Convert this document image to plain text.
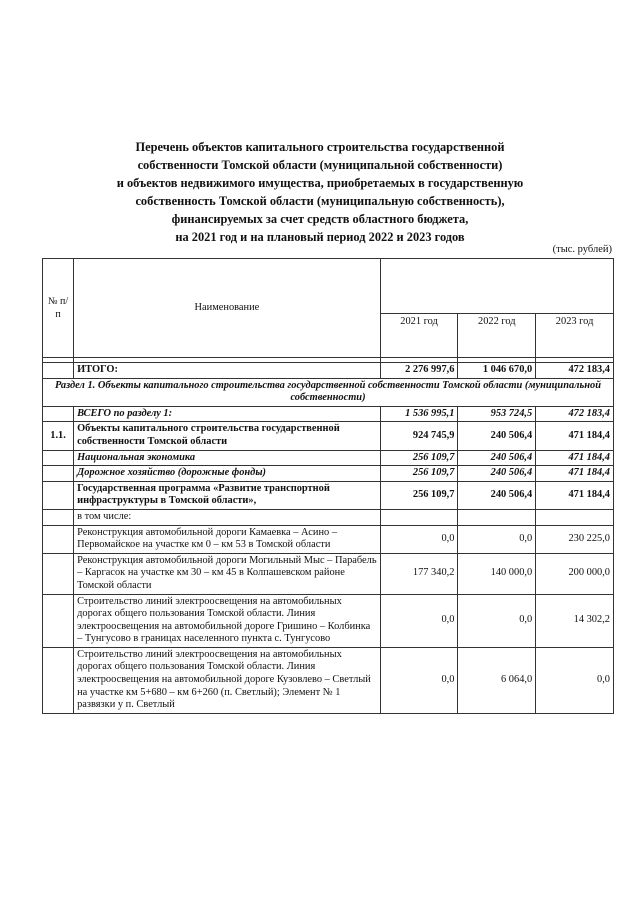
Перечень объектов капитального строительства государственной
собственности Томской области (муниципальной собственности)
и объектов недвижимого имущества, приобретаемых в государственную
собственность Томской области (муниципальную собственность),
финансируемых за счет средств областного бюджета,
на 2021 год и на плановый период 2022 и 2023 годов
(тыс. рублей)
№ п/п	Наименование			
		2021 год	2022 год	2023 год

	ИТОГО:	2 276 997,6	1 046 670,0	472 183,4
Раздел 1. Объекты капитального строительства государственной собственности Томской области (муниципальной собственности)				
	ВСЕГО по разделу 1:	1 536 995,1	953 724,5	472 183,4
1.1.	Объекты капитального строительства государственной собственности Томской области	924 745,9	240 506,4	471 184,4
	Национальная экономика	256 109,7	240 506,4	471 184,4
	Дорожное хозяйство (дорожные фонды)	256 109,7	240 506,4	471 184,4
	Государственная программа «Развитие транспортной инфраструктуры в Томской области»,	256 109,7	240 506,4	471 184,4
	в том числе:			
	Реконструкция автомобильной дороги Камаевка – Асино – Первомайское на участке км 0 – км 53 в Томской области	0,0	0,0	230 225,0
	Реконструкция автомобильной дороги Могильный Мыс – Парабель – Каргасок на участке км 30 – км 45 в Колпашевском районе Томской области	177 340,2	140 000,0	200 000,0
	Строительство линий электроосвещения на автомобильных дорогах общего пользования Томской области. Линия электроосвещения на автомобильной дороге Гришино – Колбинка – Тунгусово в границах населенного пункта с. Тунгусово	0,0	0,0	14 302,2
	Строительство линий электроосвещения на автомобильных дорогах общего пользования Томской области. Линия электроосвещения на автомобильной дороге Кузовлево – Светлый на участке км 5+680 – км 6+260 (п. Светлый); Элемент № 1 развязки у п. Светлый	0,0	6 064,0	0,0
